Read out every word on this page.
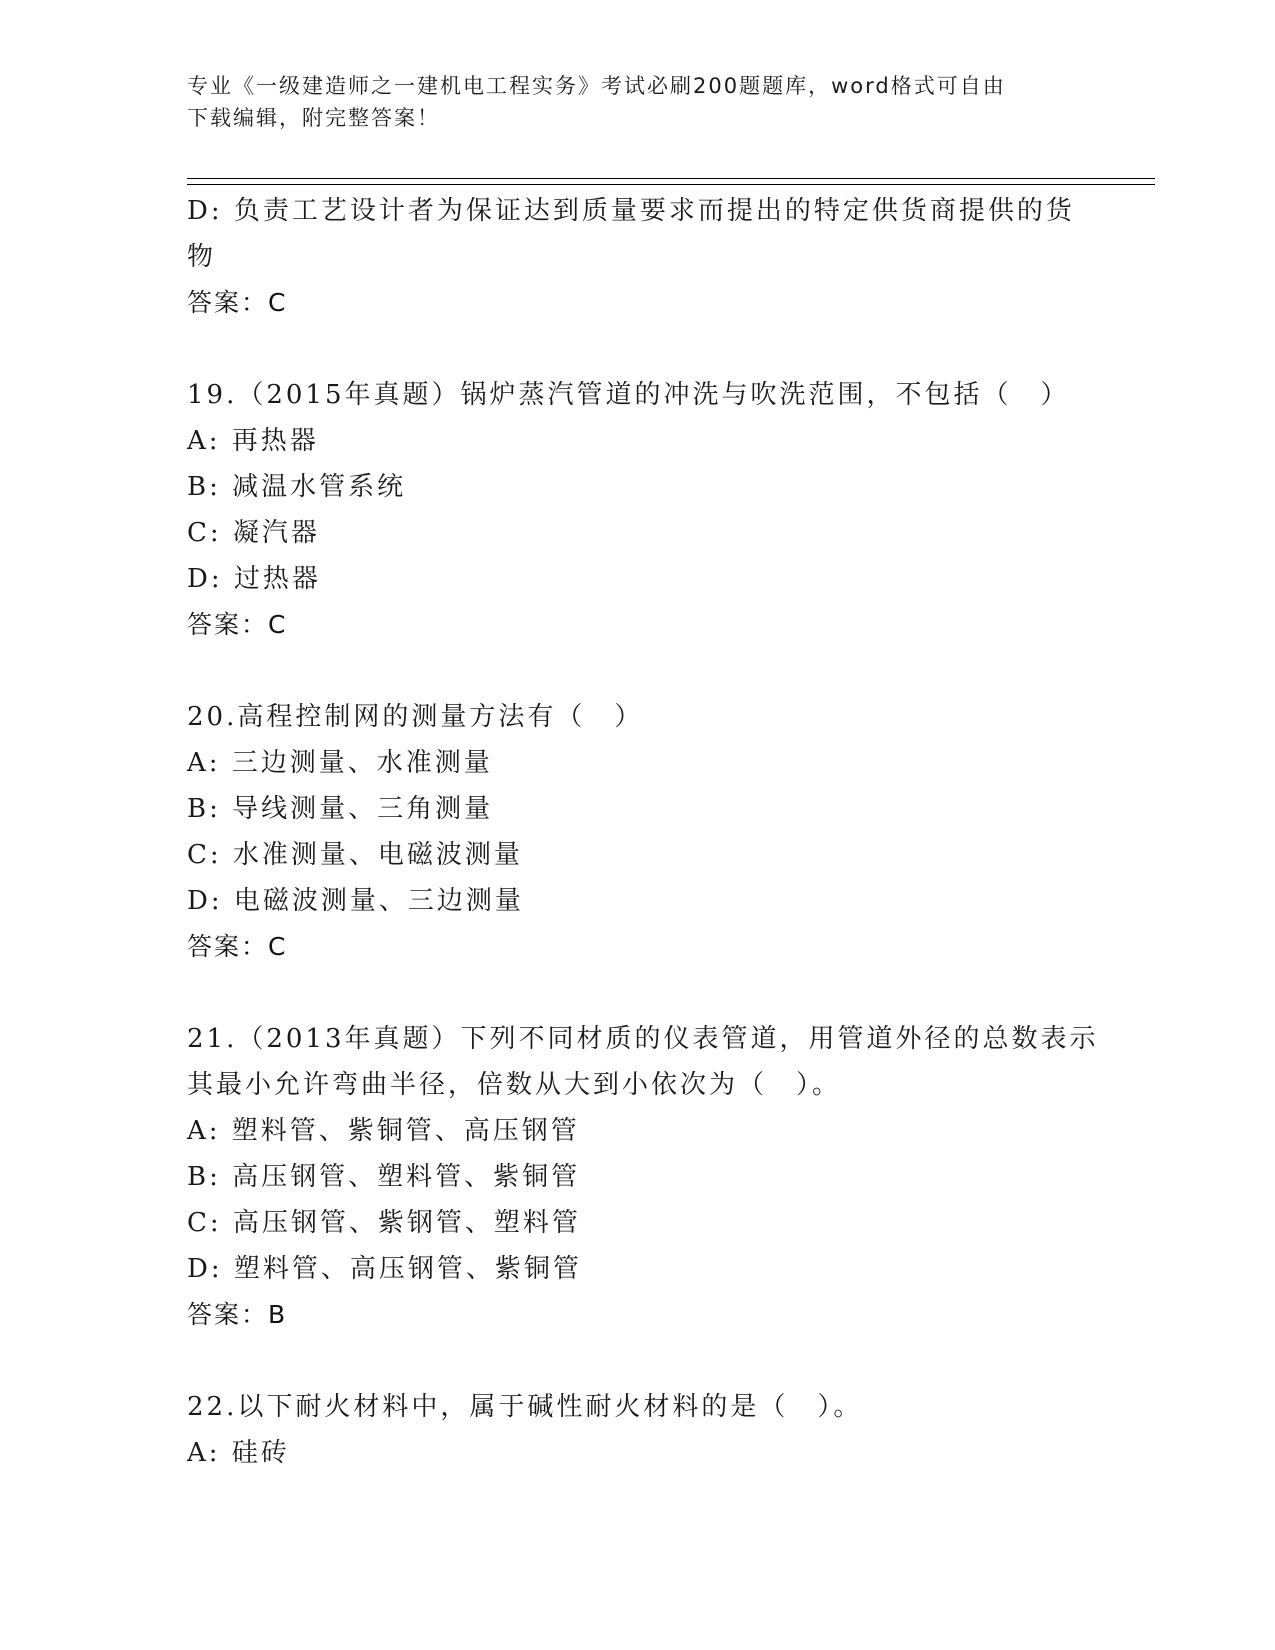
专业《一级建造师之一建机电工程实务》考试必刷200题题库，word格式可自由
下载编辑，附完整答案！
D: 负责工艺设计者为保证达到质量要求而提出的特定供货商提供的货
物
答案：C
19.（2015年真题）锅炉蒸汽管道的冲洗与吹洗范围，不包括（　）
A: 再热器
B: 减温水管系统
C: 凝汽器
D: 过热器
答案：C
20.高程控制网的测量方法有（　）
A: 三边测量、水准测量
B: 导线测量、三角测量
C: 水准测量、电磁波测量
D: 电磁波测量、三边测量
答案：C
21.（2013年真题）下列不同材质的仪表管道，用管道外径的总数表示
其最小允许弯曲半径，倍数从大到小依次为（　）。
A: 塑料管、紫铜管、高压钢管
B: 高压钢管、塑料管、紫铜管
C: 高压钢管、紫钢管、塑料管
D: 塑料管、高压钢管、紫铜管
答案：B
22.以下耐火材料中，属于碱性耐火材料的是（　）。
A: 硅砖
